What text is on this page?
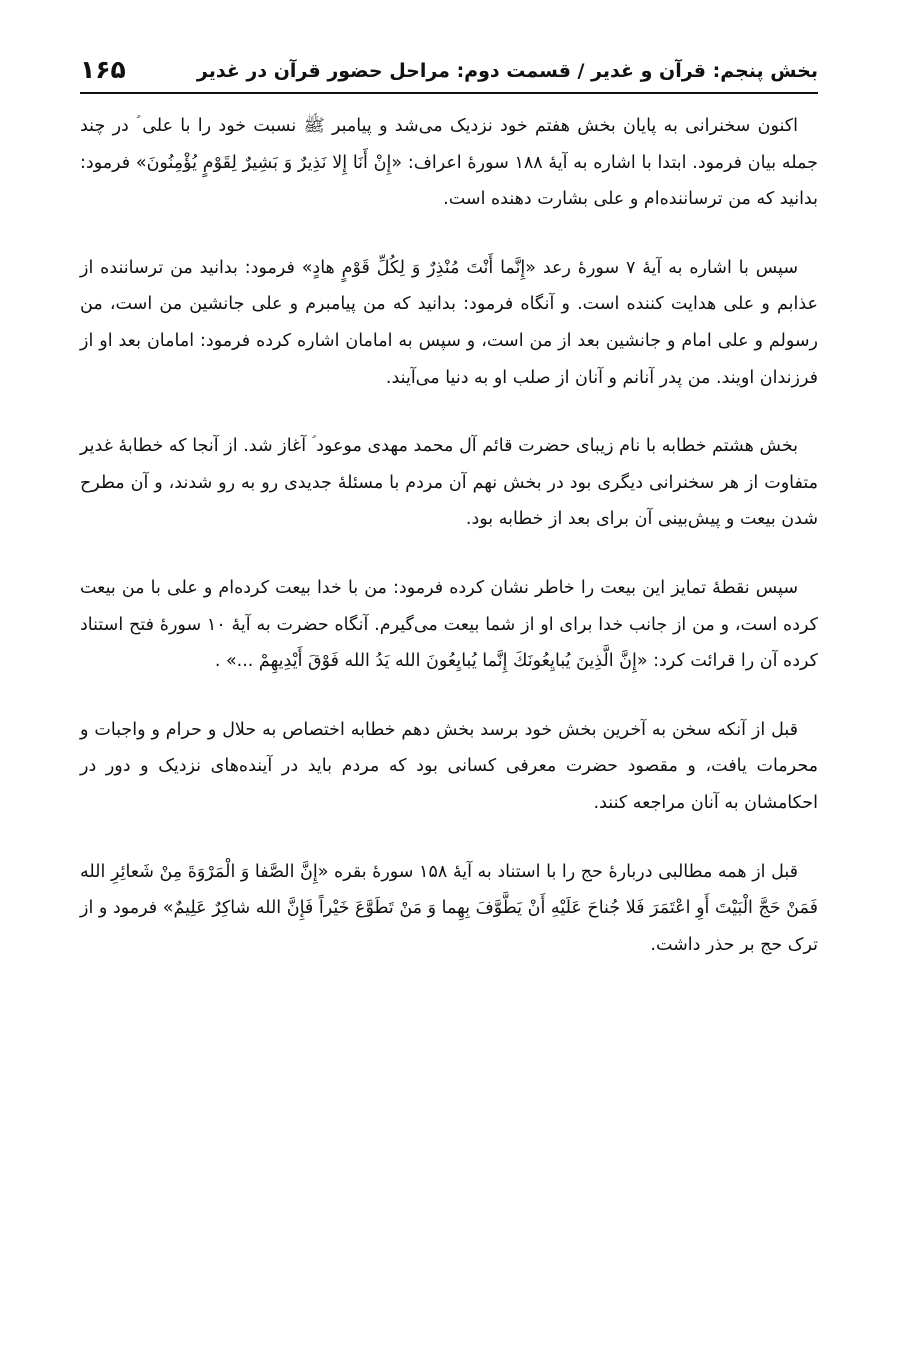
بخش پنجم: قرآن و غدیر / قسمت دوم: مراحل حضور قرآن در غدیر
۱۶۵

اکنون سخنرانی به پایان بخش هفتم خود نزدیک می‌شد و پیامبر ﷺ نسبت خود را با علی ؑ در چند جمله بیان فرمود. ابتدا با اشاره به آیهٔ ۱۸۸ سورهٔ اعراف: «إِنْ أَنَا إِلا نَذِيرٌ وَ بَشِيرٌ لِقَوْمٍ يُؤْمِنُونَ» فرمود: بدانید که من ترساننده‌ام و علی بشارت دهنده است.

سپس با اشاره به آیهٔ ۷ سورهٔ رعد «إِنَّما أَنْتَ مُنْذِرٌ وَ لِكُلِّ قَوْمٍ هادٍ» فرمود: بدانید من ترساننده از عذابم و علی هدایت کننده است. و آنگاه فرمود: بدانید که من پیامبرم و علی جانشین من است، من رسولم و علی امام و جانشین بعد از من است، و سپس به امامان اشاره کرده فرمود: امامان بعد او از فرزندان اویند. من پدر آنانم و آنان از صلب او به دنیا می‌آیند.

بخش هشتم خطابه با نام زیبای حضرت قائم آل محمد مهدی موعود ؑ آغاز شد. از آنجا که خطابهٔ غدیر متفاوت از هر سخنرانی دیگری بود در بخش نهم آن مردم با مسئلهٔ جدیدی رو به رو شدند، و آن مطرح شدن بیعت و پیش‌بینی آن برای بعد از خطابه بود.

سپس نقطهٔ تمایز این بیعت را خاطر نشان کرده فرمود: من با خدا بیعت کرده‌ام و علی با من بیعت کرده است، و من از جانب خدا برای او از شما بیعت می‌گیرم. آنگاه حضرت به آیهٔ ۱۰ سورهٔ فتح استناد کرده آن را قرائت کرد: «إِنَّ الَّذِينَ يُبايِعُونَكَ إِنَّما يُبايِعُونَ الله يَدُ الله فَوْقَ أَيْدِيهِمْ ...» .

قبل از آنکه سخن به آخرین بخش خود برسد بخش دهم خطابه اختصاص به حلال و حرام و واجبات و محرمات یافت، و مقصود حضرت معرفی کسانی بود که مردم باید در آینده‌های نزدیک و دور در احکامشان به آنان مراجعه کنند.

قبل از همه مطالبی دربارهٔ حج را با استناد به آیهٔ ۱۵۸ سورهٔ بقره «إِنَّ الصَّفا وَ الْمَرْوَةَ مِنْ شَعائِرِ الله فَمَنْ حَجَّ الْبَيْتَ أَوِ اعْتَمَرَ فَلا جُناحَ عَلَيْهِ أَنْ يَطَّوَّفَ بِهِما وَ مَنْ تَطَوَّعَ خَيْراً فَإِنَّ الله شاكِرٌ عَلِيمٌ» فرمود و از ترک حج بر حذر داشت.
